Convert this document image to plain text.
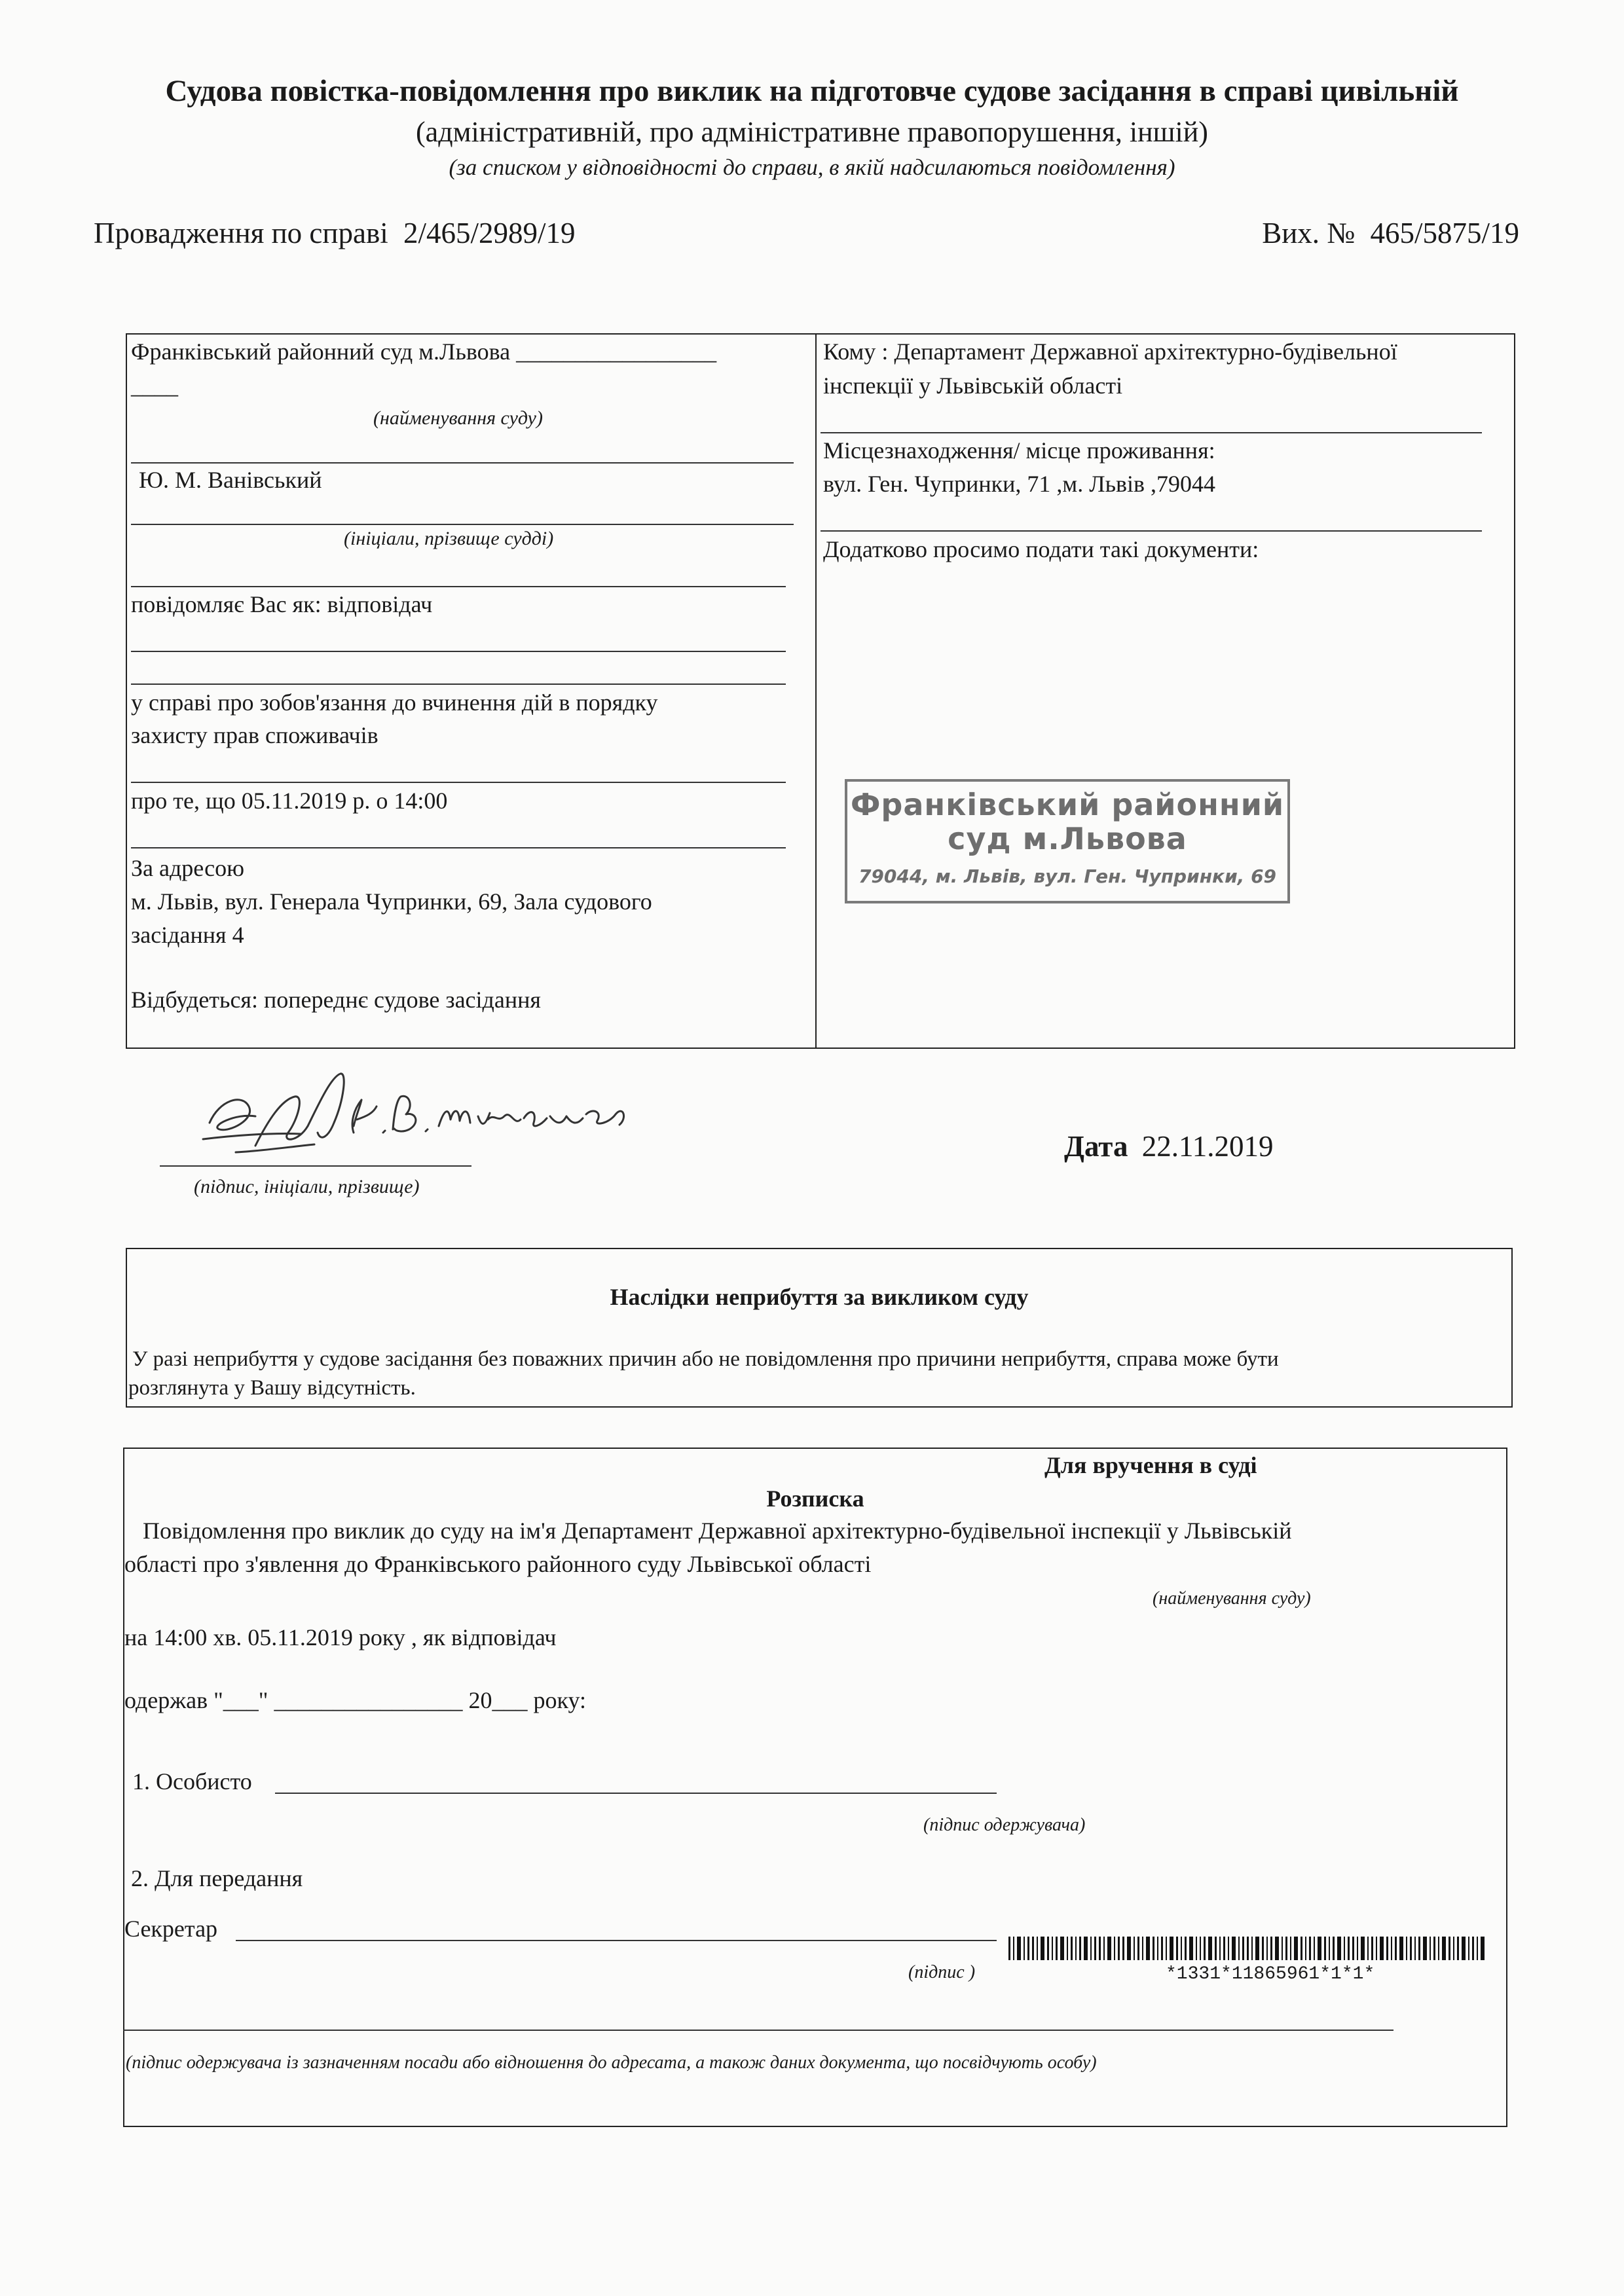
Судова повістка-повідомлення про виклик на підготовче судове засідання в справі цивільній
(адміністративній, про адміністративне правопорушення, іншій)
(за списком у відповідності до справи, в якій надсилаються повідомлення)
Провадження по справі 2/465/2989/19	Вих. № 465/5875/19
Франківський районний суд м.Львова _________________
____
(найменування суду)
Ю. М. Ванівський
(ініціали, прізвище судді)
повідомляє Вас як: відповідач
у справі про зобов'язання до вчинення дій в порядку
захисту прав споживачів
про те, що 05.11.2019 р. о 14:00
За адресою
м. Львів, вул. Генерала Чупринки, 69, Зала судового
засідання 4
Відбудеться: попереднє судове засідання
Кому : Департамент Державної архітектурно-будівельної
інспекції у Львівській області
Місцезнаходження/ місце проживання:
вул. Ген. Чупринки, 71 ,м. Львів ,79044
Додатково просимо подати такі документи:
Франківський районний
суд м.Львова
79044, м. Львів, вул. Ген. Чупринки, 69
(підпис, ініціали, прізвище)
Дата 22.11.2019
Наслідки неприбуття за викликом суду
У разі неприбуття у судове засідання без поважних причин або не повідомлення про причини неприбуття, справа може бути
розглянута у Вашу відсутність.
Для вручення в суді
Розписка
Повідомлення про виклик до суду на ім'я Департамент Державної архітектурно-будівельної інспекції у Львівській
області про з'явлення до Франківського районного суду Львівської області
(найменування суду)
на 14:00 хв. 05.11.2019 року , як відповідач
одержав "___" ________________ 20___ року:
1. Особисто
(підпис одержувача)
2. Для передання
Секретар
(підпис )
(підпис одержувача із зазначенням посади або відношення до адресата, а також даних документа, що посвідчують особу)
*1331*11865961*1*1*
